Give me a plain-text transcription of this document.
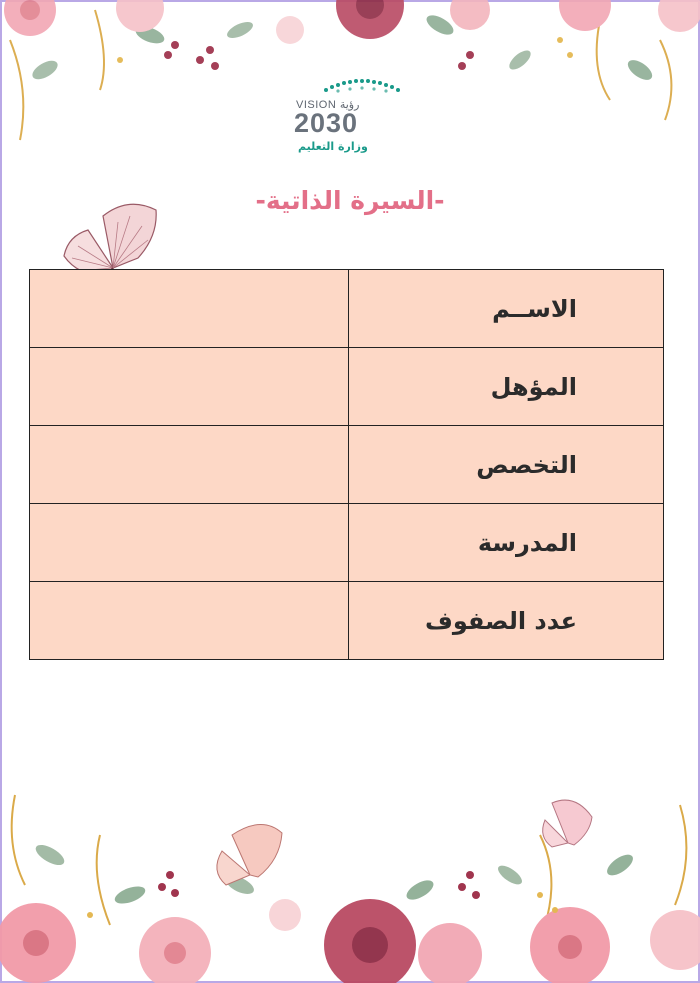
VISION رؤية
2030
وزارة التعليم
-السيرة الذاتية-
الاســم	
المؤهل	
التخصص	
المدرسة	
عدد الصفوف	
